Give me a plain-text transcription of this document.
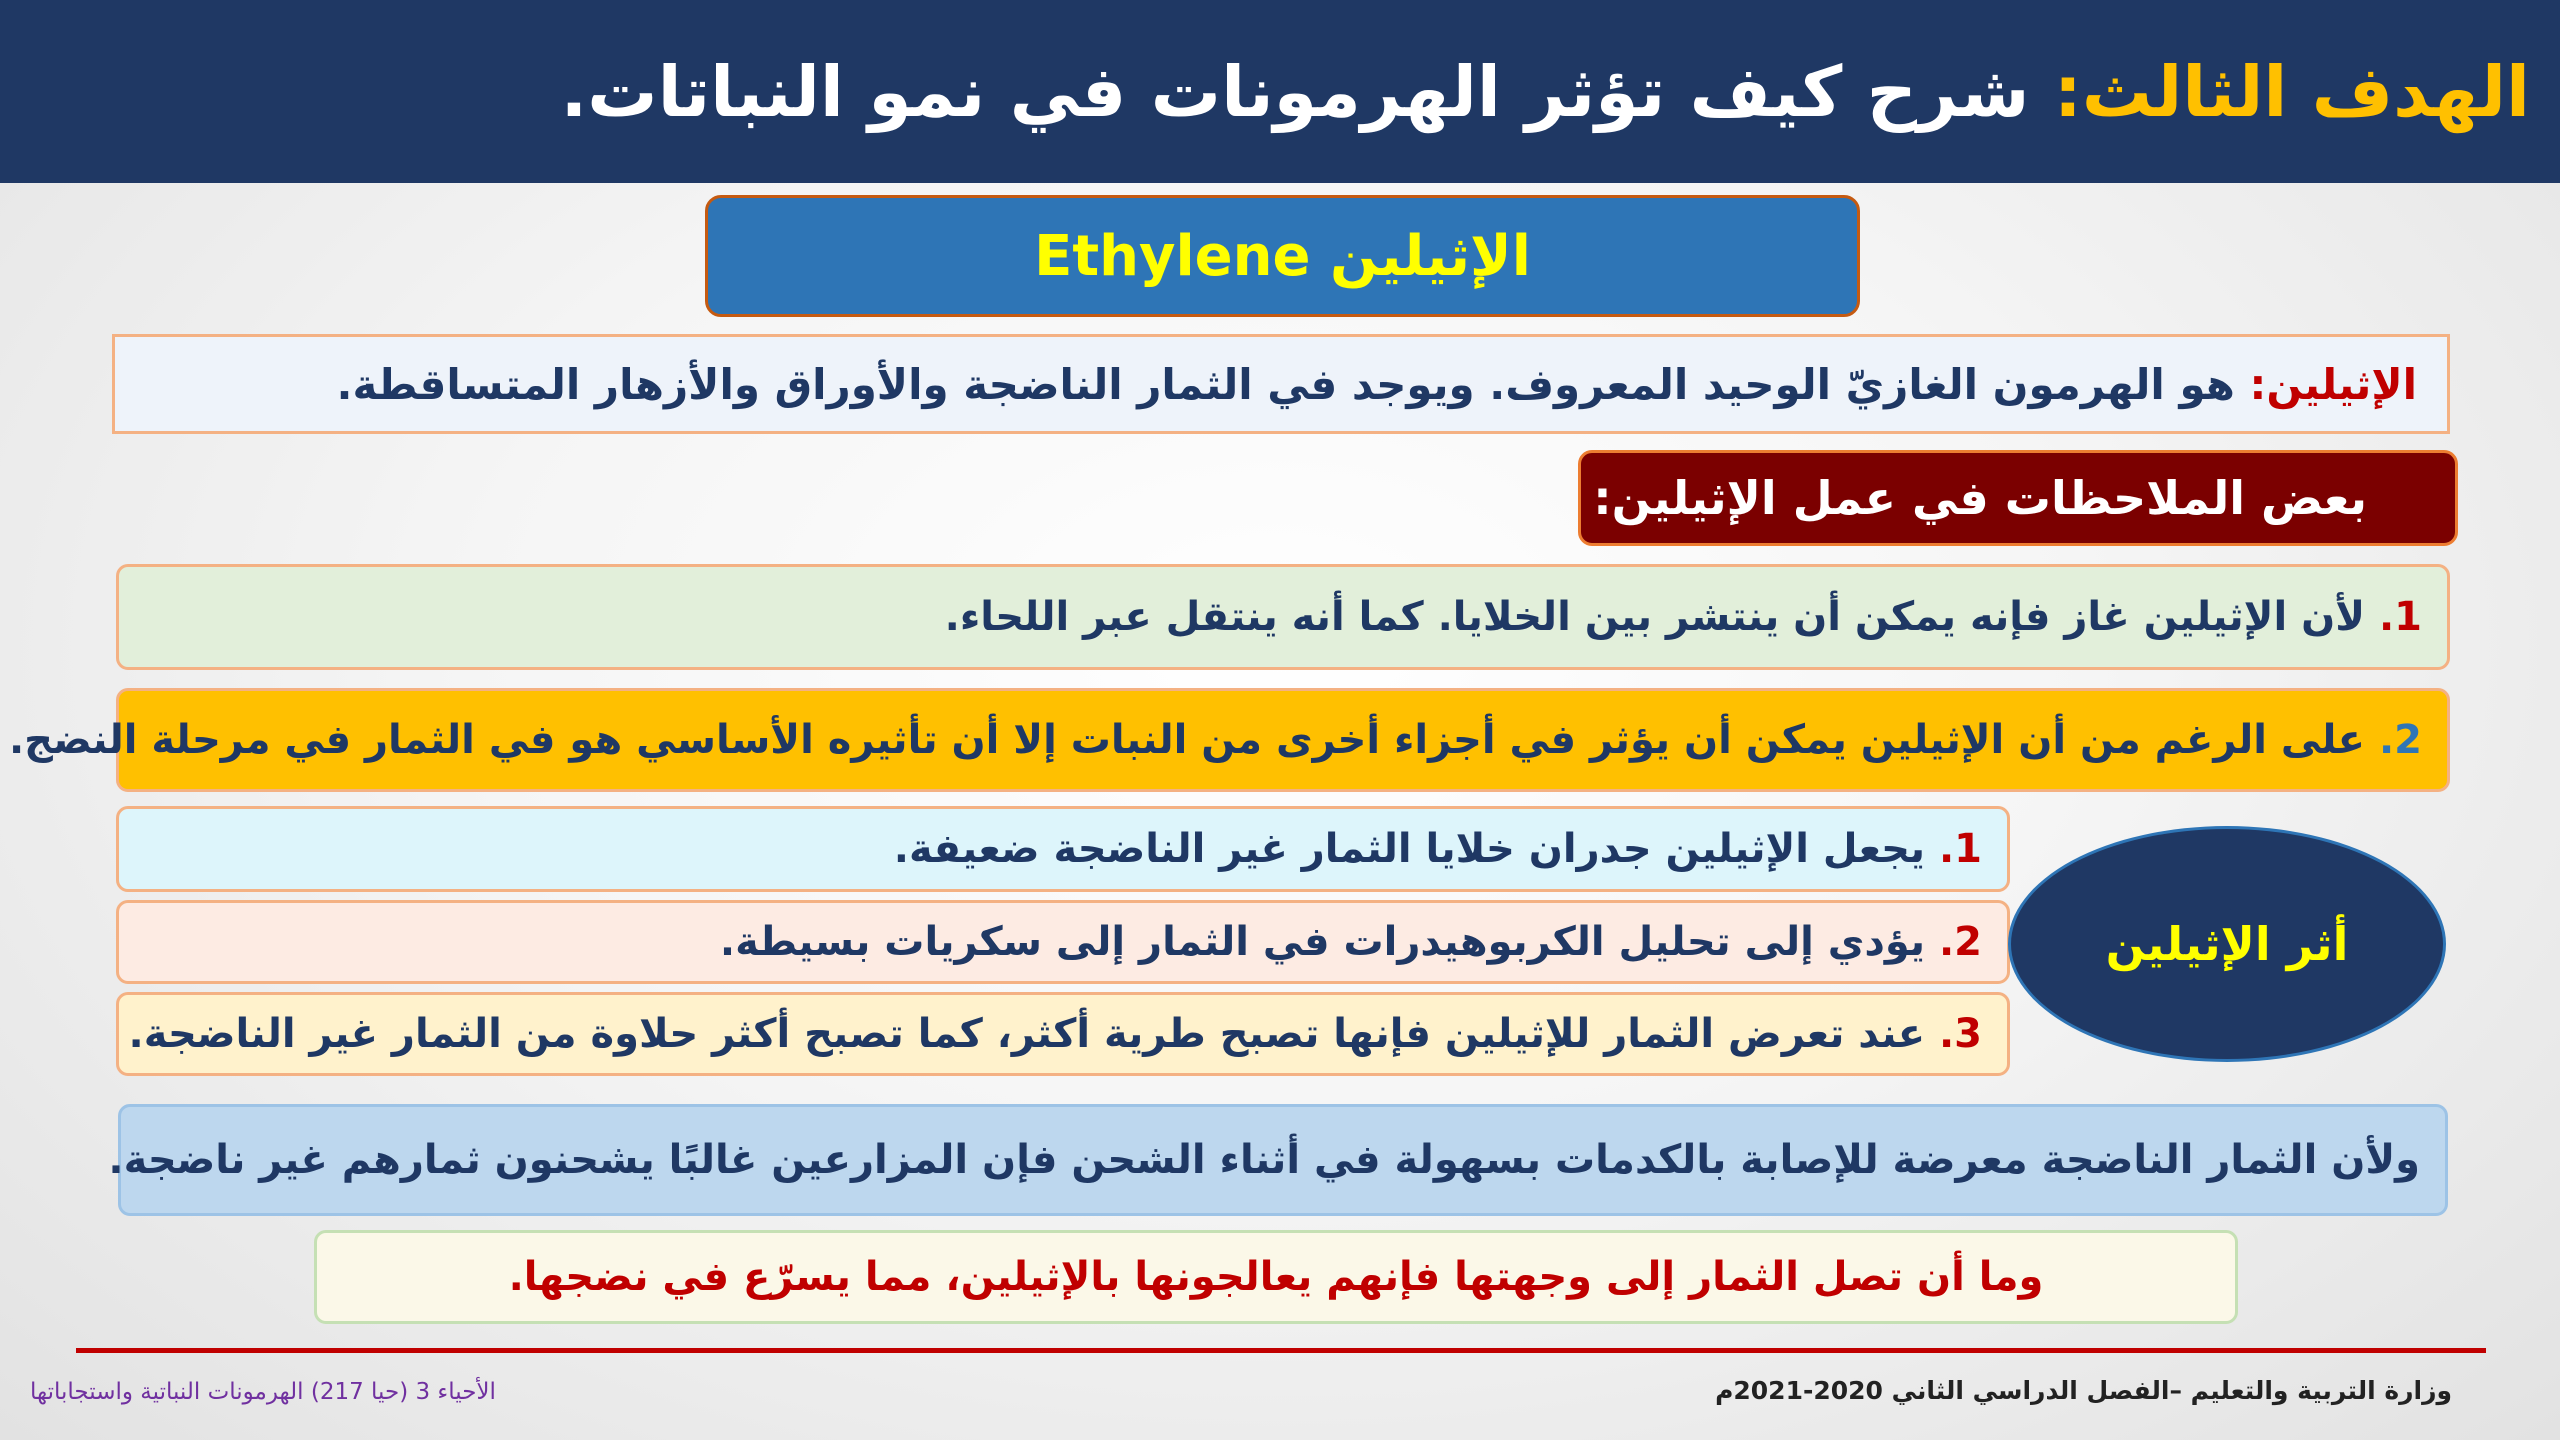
الهدف الثالث: شرح كيف تؤثر الهرمونات في نمو النباتات.
الإثيلين Ethylene
الإثيلين:

هو الهرمون الغازيّ الوحيد المعروف. ويوجد في الثمار الناضجة والأوراق والأزهار المتساقطة.
بعض الملاحظات في عمل الإثيلين:
1.

لأن الإثيلين غاز فإنه يمكن أن ينتشر بين الخلايا. كما أنه ينتقل عبر اللحاء.
2.

على الرغم من أن الإثيلين يمكن أن يؤثر في أجزاء أخرى من النبات إلا أن تأثيره الأساسي هو في الثمار في مرحلة النضج.
1.

يجعل الإثيلين جدران خلايا الثمار غير الناضجة ضعيفة.
2.

يؤدي إلى تحليل الكربوهيدرات في الثمار إلى سكريات بسيطة.
3.

عند تعرض الثمار للإثيلين فإنها تصبح طرية أكثر، كما تصبح أكثر حلاوة من الثمار غير الناضجة.
أثر الإثيلين
ولأن الثمار الناضجة معرضة للإصابة بالكدمات بسهولة في أثناء الشحن فإن المزارعين غالبًا يشحنون ثمارهم غير ناضجة.
وما أن تصل الثمار إلى وجهتها فإنهم يعالجونها بالإثيلين، مما يسرّع في نضجها.
وزارة التربية والتعليم –الفصل الدراسي الثاني 2020-2021م
الأحياء 3 (حيا 217) الهرمونات النباتية واستجاباتها
